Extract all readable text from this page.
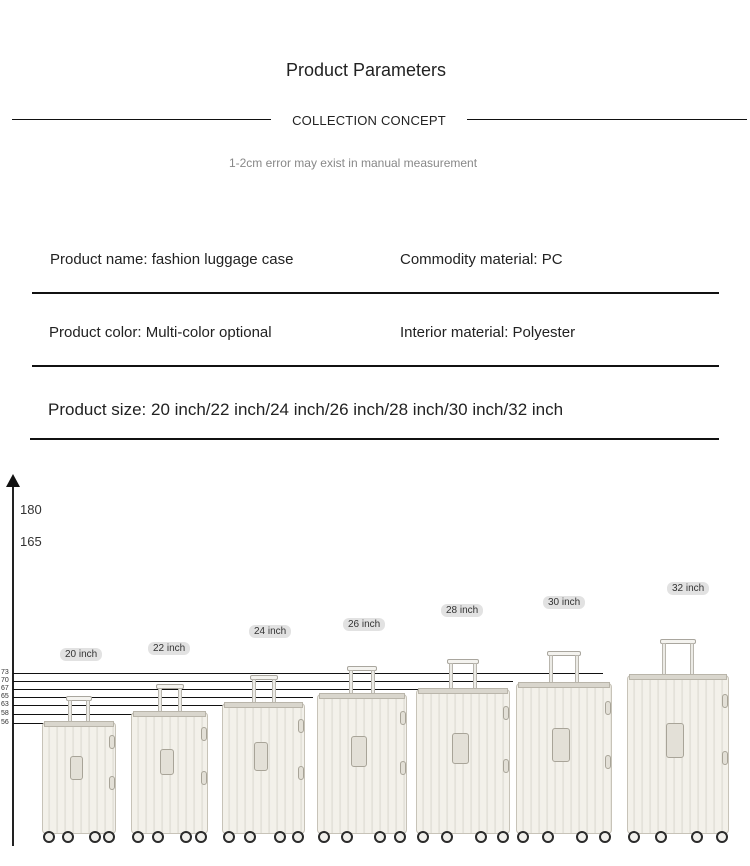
Product Parameters
COLLECTION CONCEPT
1-2cm error may exist in manual measurement
Product name: fashion luggage case	Commodity material: PC
Product color: Multi-color optional	Interior material: Polyester
Product size: 20 inch/22 inch/24 inch/26 inch/28 inch/30 inch/32 inch
180
165
73
70
67
65
63
58
56
20 inch
22 inch
24 inch
26 inch
28 inch
30 inch
32 inch
